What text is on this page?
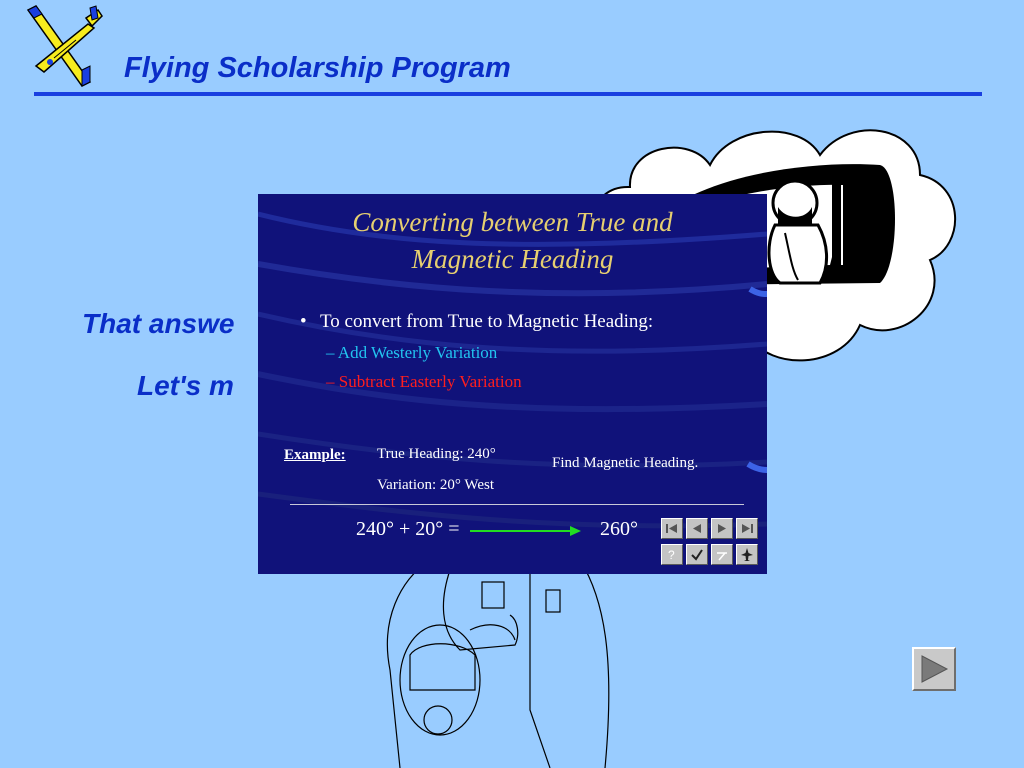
Flying Scholarship Program
That answe
Let's m
Converting between True and
Magnetic Heading
• To convert from True to Magnetic Heading:
– Add Westerly Variation
– Subtract Easterly Variation
Example: True Heading: 240°
Variation: 20° West
Find Magnetic Heading.
240° + 20° =	260°
?
